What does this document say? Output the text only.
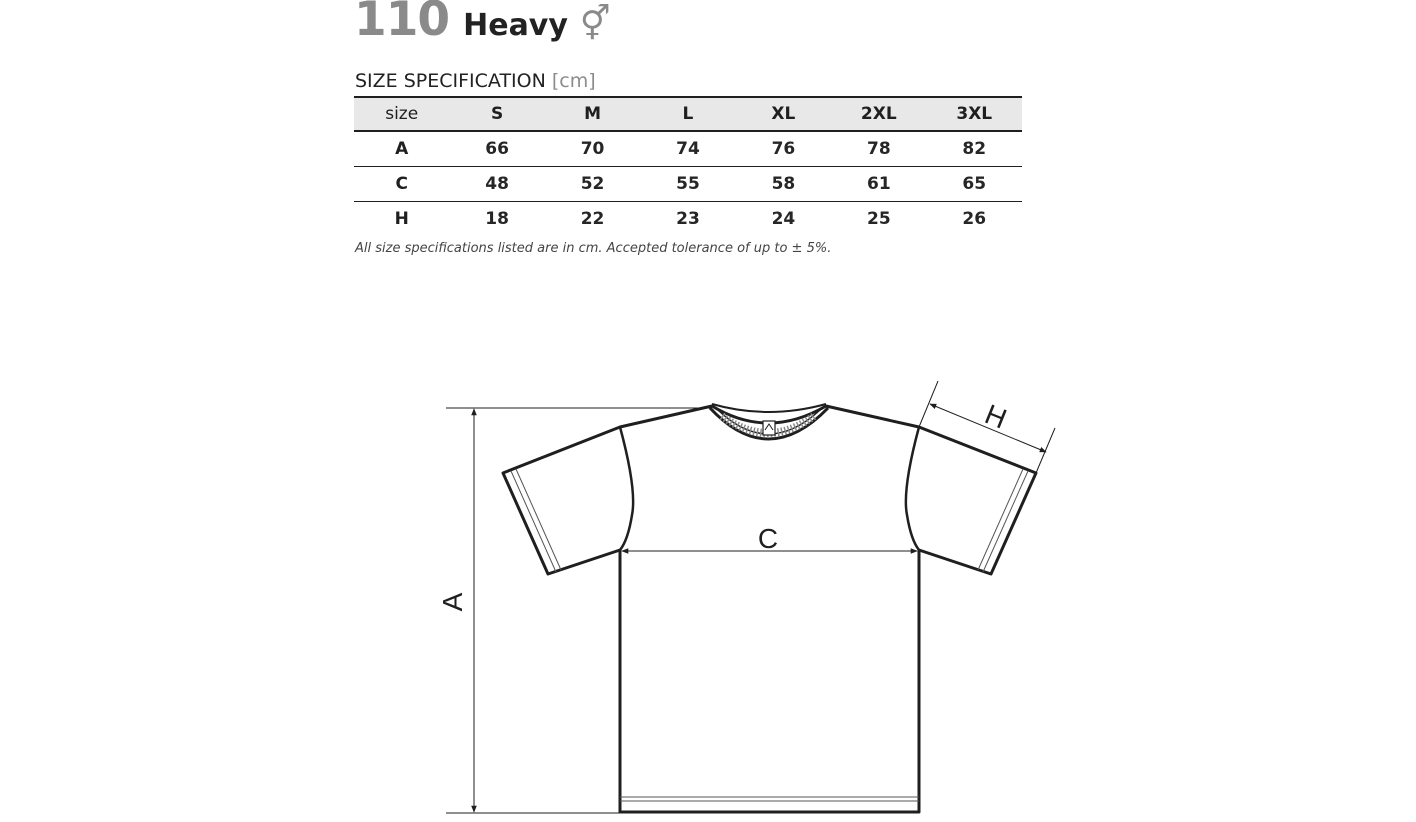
110 Heavy ⚥
SIZE SPECIFICATION [cm]
size	S	M	L	XL	2XL	3XL
A	66	70	74	76	78	82
C	48	52	55	58	61	65
H	18	22	23	24	25	26
All size specifications listed are in cm. Accepted tolerance of up to ± 5%.
A
C
H
